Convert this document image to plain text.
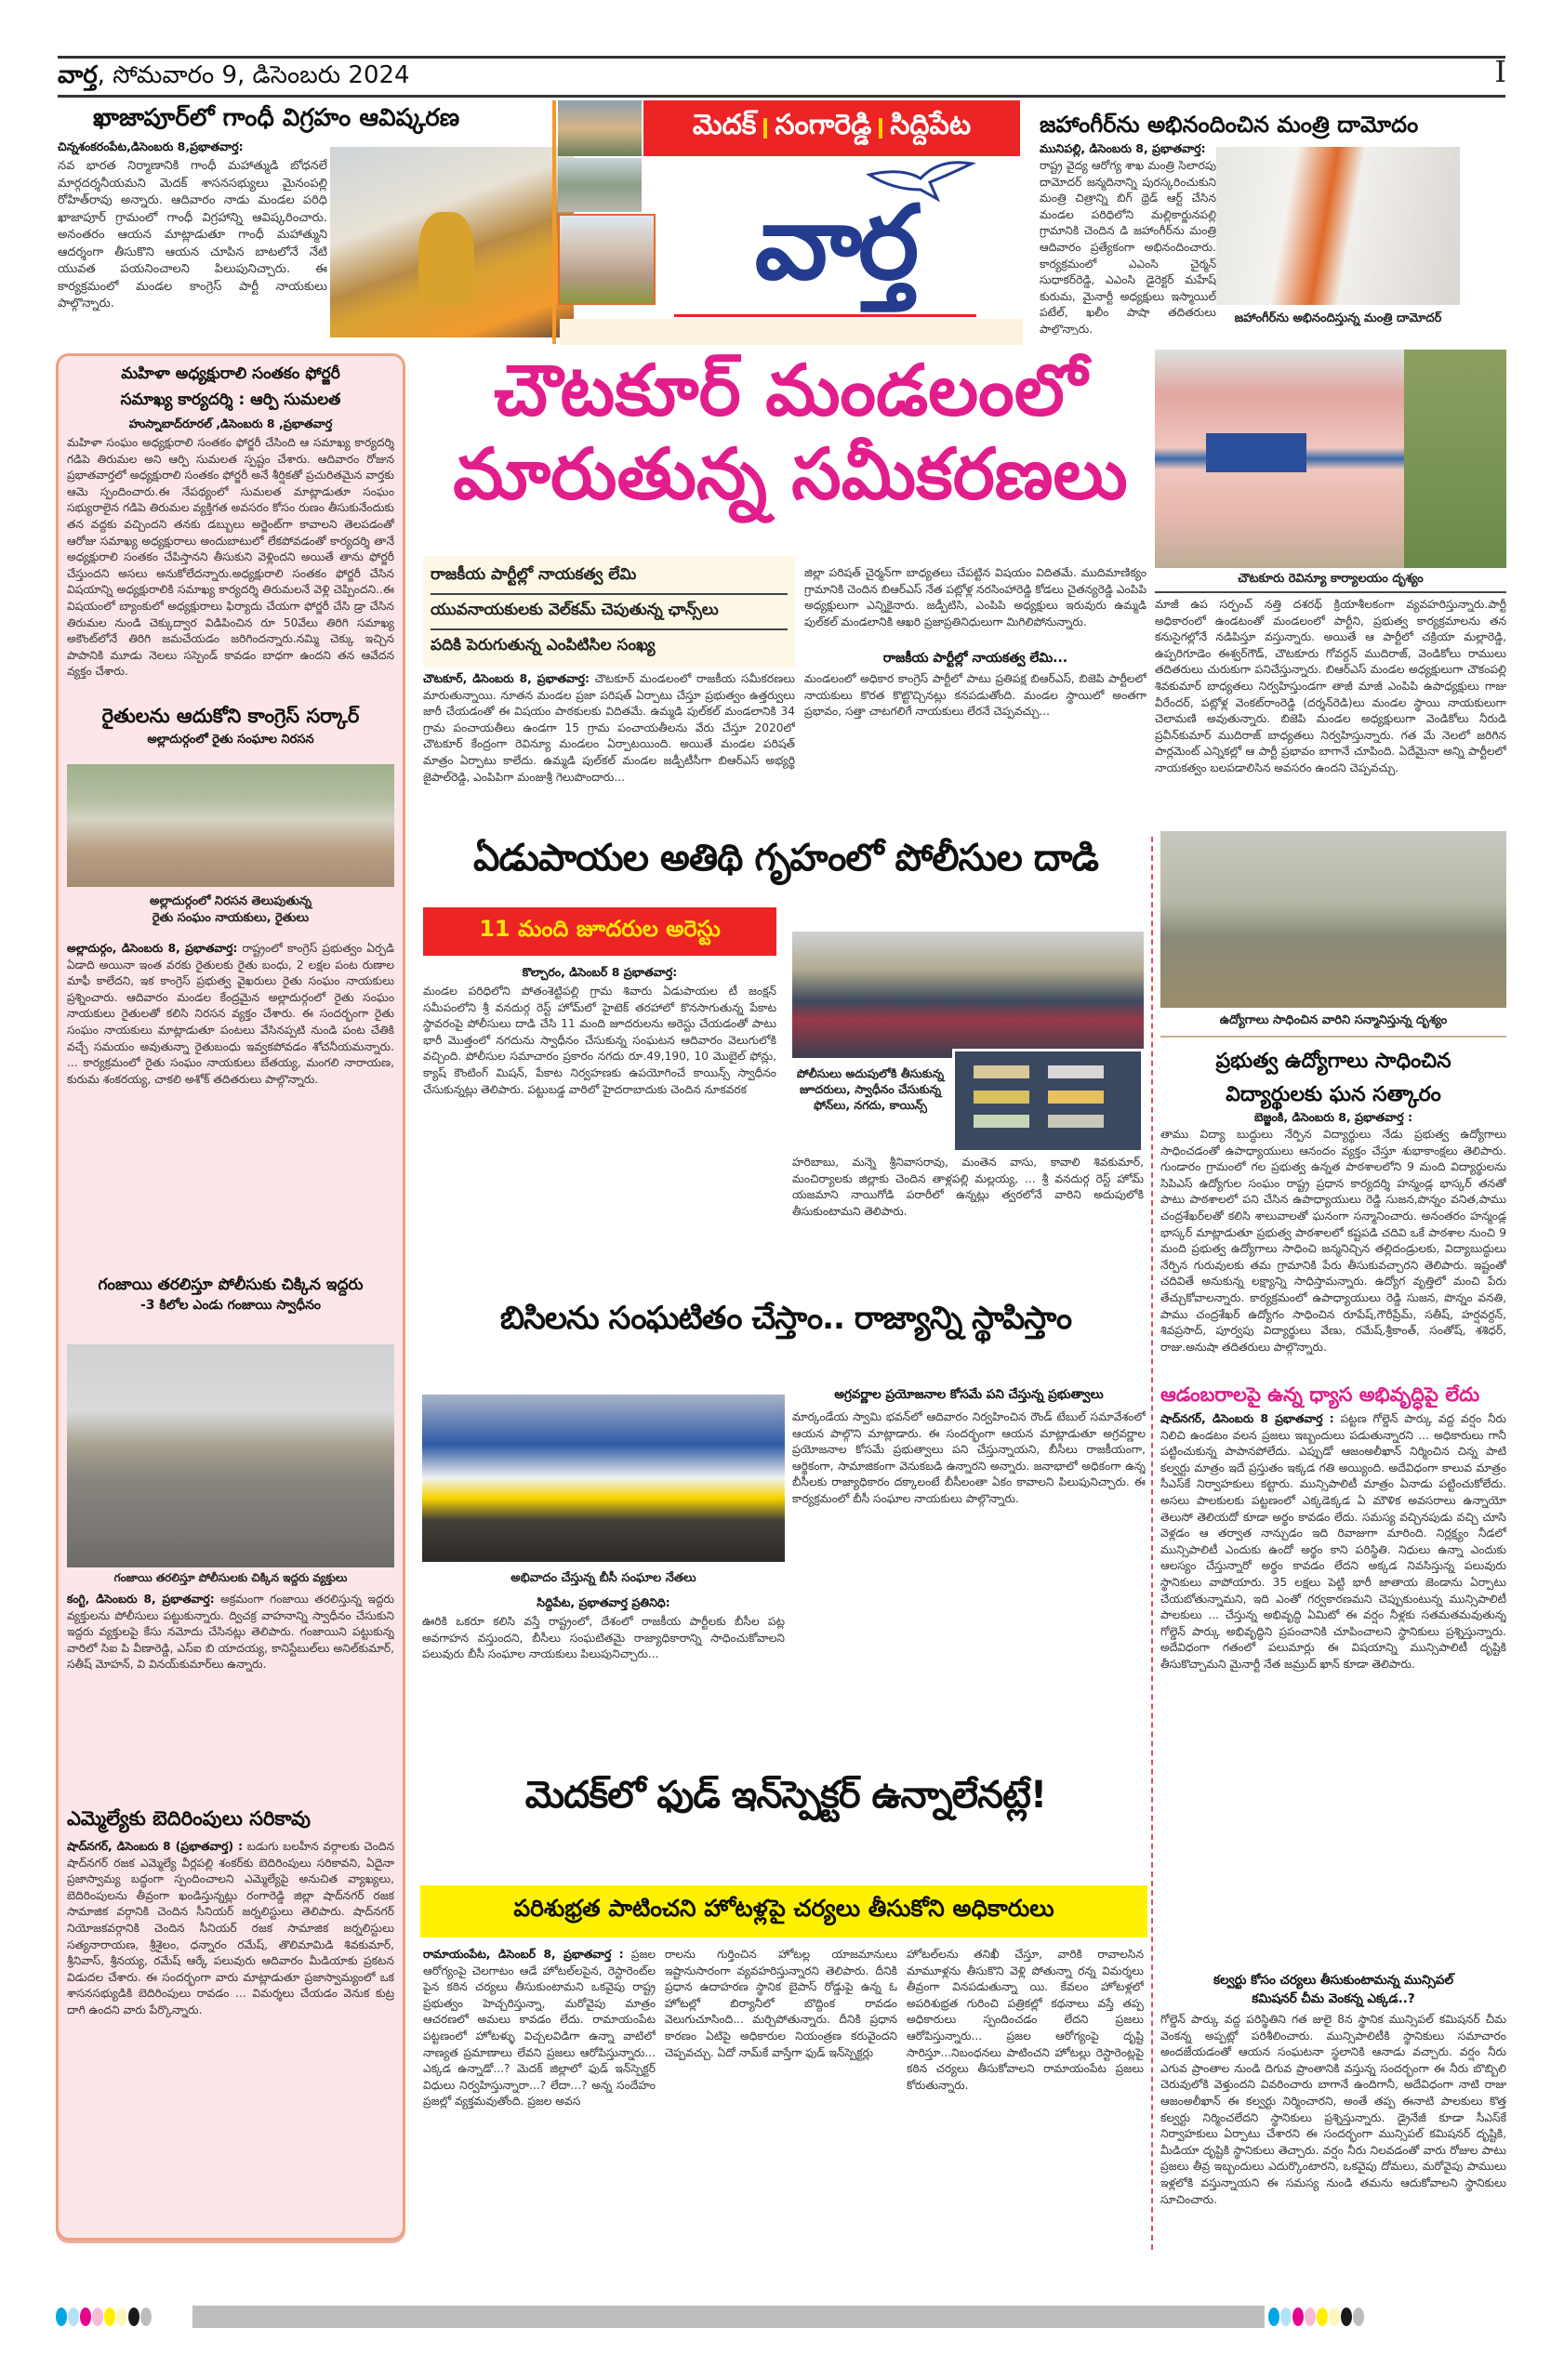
వార్త, సోమవారం 9, డిసెంబరు 2024	I
ఖాజాపూర్‌లో గాంధీ విగ్రహం ఆవిష్కరణ
చిన్నశంకరంపేట,డిసెంబరు 8,ప్రభాతవార్త:
నవ భారత నిర్మాణానికి గాంధీ మహాత్ముడి బోధనలే మార్గదర్శనీయమని మెదక్ శాసనసభ్యులు మైనంపల్లి రోహిత్‌రావు అన్నారు. ఆదివారం నాడు మండల పరిధి ఖాజాపూర్ గ్రామంలో గాంధీ విగ్రహాన్ని ఆవిష్కరించారు. అనంతరం ఆయన మాట్లాడుతూ గాంధీ మహాత్ముని ఆదర్శంగా తీసుకొని ఆయన చూపిన బాటలోనే నేటి యువత పయనించాలని పిలుపునిచ్చారు. ఈ కార్యక్రమంలో మండల కాంగ్రెస్ పార్టీ నాయకులు పాల్గొన్నారు.
మెదక్ సంగారెడ్డి సిద్దిపేట
వార్త
జహాంగీర్‌ను అభినందించిన మంత్రి దామోదం
మునిపల్లి, డిసెంబరు 8, ప్రభాతవార్త:
రాష్ట్ర వైద్య ఆరోగ్య శాఖ మంత్రి సిలారపు దామోదర్ జన్మదినాన్ని పురస్కరించుకుని మంత్రి చిత్రాన్ని బిగ్ థ్రెడ్ ఆర్ట్ చేసిన మండల పరిధిలోని మల్లికార్జునపల్లి గ్రామానికి చెందిన డి జహాంగీర్‌ను మంత్రి ఆదివారం ప్రత్యేకంగా అభినందించారు. కార్యక్రమంలో ఎఎంసి చైర్మన్ సుధాకర్‌రెడ్డి, ఎఎంసి డైరెక్టర్ మహేష్ కురుమ, మైనార్టీ అధ్యక్షులు ఇస్మాయిల్ పటేల్, ఖలీం పాషా తదితరులు పాల్గొన్నారు.
జహాంగీర్‌ను అభినందిస్తున్న మంత్రి దామోదర్
మహిళా అధ్యక్షురాలి సంతకం ఫోర్జరీ
సమాఖ్య కార్యదర్శి : ఆర్పి సుమలత
హుస్నాబాద్‌రూరల్ ,డిసెంబరు 8 ,ప్రభాతవార్త
మహిళా సంఘం అధ్యక్షురాలి సంతకం ఫోర్జరీ చేసింది ఆ సమాఖ్య కార్యదర్శి గడిపె తిరుమల అని ఆర్పి సుమలత స్పష్టం చేశారు. ఆదివారం రోజున ప్రభాతవార్తలో అధ్యక్షురాలి సంతకం ఫోర్జరీ అనే శీర్షికతో ప్రచురితమైన వార్తకు ఆమె స్పందించారు.ఈ నేపథ్యంలో సుమలత మాట్లాడుతూ సంఘం సభ్యురాలైన గడిపె తిరుమల వ్యక్తిగత అవసరం కోసం రుణం తీసుకునేందుకు తన వద్దకు వచ్చిందని తనకు డబ్బులు అర్జెంట్‌గా కావాలని తెలపడంతో ఆరోజు సమాఖ్య అధ్యక్షురాలు అందుబాటులో లేకపోవడంతో కార్యదర్శి తానే అధ్యక్షురాలి సంతకం చేపిస్తానని తీసుకుని వెళ్లిందని అయితే తాను ఫోర్జరీ చేస్తుందని అసలు అనుకోలేదన్నారు.అధ్యక్షురాలి సంతకం ఫోర్జరీ చేసిన విషయాన్ని అధ్యక్షురాలికి సమాఖ్య కార్యదర్శి తిరుమలనే వెళ్లి చెప్పిందని..ఈ విషయంలో బ్యాంకులో అధ్యక్షురాలు ఫిర్యాదు చేయగా ఫోర్జరీ చేసి డ్రా చేసిన తిరుమల నుండి చెక్కుద్వార విడిపించిన రూ 50వేలు తిరిగి సమాఖ్య అకౌంట్‌లోనే తిరిగి జమచేయడం జరిగిందన్నారు.నమ్మి చెక్కు ఇచ్చిన పాపానికి మూడు నెలలు సస్పెండ్ కావడం బాధగా ఉందని తన ఆవేదన వ్యక్తం చేశారు.
రైతులను ఆదుకోని కాంగ్రెస్ సర్కార్
అల్లాదుర్గంలో రైతు సంఘాల నిరసన
అల్లాదుర్గంలో నిరసన తెలుపుతున్న
రైతు సంఘం నాయకులు, రైతులు
అల్లాదుర్గం, డిసెంబరు 8, ప్రభాతవార్త: రాష్ట్రంలో కాంగ్రెస్ ప్రభుత్వం ఏర్పడి ఏడాది అయినా ఇంత వరకు రైతులకు రైతు బంధు, 2 లక్షల పంట రుణాల మాఫీ కాలేదని, ఇక కాంగ్రెస్ ప్రభుత్వ వైఖరులు రైతు సంఘం నాయకులు ప్రశ్నించారు. ఆదివారం మండల కేంద్రమైన అల్లాదుర్గంలో రైతు సంఘం నాయకులు రైతులతో కలిసి నిరసన వ్యక్తం చేశారు. ఈ సందర్భంగా రైతు సంఘం నాయకులు మాట్లాడుతూ పంటలు వేసినప్పటి నుండి పంట చేతికి వచ్చే సమయం అవుతున్నా రైతుబంధు ఇవ్వకపోవడం శోచనీయమన్నారు. ... కార్యక్రమంలో రైతు సంఘం నాయకులు బేతయ్య, మంగలి నారాయణ, కురుమ శంకరయ్య, చాకలి అశోక్ తదితరులు పాల్గొన్నారు.
గంజాయి తరలిస్తూ పోలీసుకు చిక్కిన ఇద్దరు
-3 కిలోల ఎండు గంజాయి స్వాధీనం
గంజాయి తరలిస్తూ పోలీసులకు చిక్కిన ఇద్దరు వ్యక్తులు
కంగ్టి, డిసెంబరు 8, ప్రభాతవార్త: అక్రమంగా గంజాయి తరలిస్తున్న ఇద్దరు వ్యక్తులను పోలీసులు పట్టుకున్నారు. ద్విచక్ర వాహనాన్ని స్వాధీనం చేసుకుని ఇద్దరు వ్యక్తులపై కేసు నమోదు చేసినట్లు తెలిపారు. గంజాయిని పట్టుకున్న వారిలో సిఐ పి వీణారెడ్డి, ఎస్ఐ బి యాదయ్య, కానిస్టేబుల్‌లు అనిల్‌కుమార్, సతీష్ మోహన్, వి వినయ్‌కుమార్‌లు ఉన్నారు.
ఎమ్మెల్యేకు బెదిరింపులు సరికావు
షాద్‌నగర్, డిసెంబరు 8 (ప్రభాతవార్త) : బడుగు బలహీన వర్గాలకు చెందిన షాద్‌నగర్ రజక ఎమ్మెల్యే వీర్లపల్లి శంకర్‌కు బెదిరింపులు సరికావని, ఏదైనా ప్రజాస్వామ్య బద్ధంగా స్పందించాలని ఎమ్మెల్యేపై అనుచిత వ్యాఖ్యలు, బెదిరింపులను తీవ్రంగా ఖండిస్తున్నట్లు రంగారెడ్డి జిల్లా షాద్‌నగర్ రజక సామాజిక వర్గానికి చెందిన సీనియర్ జర్నలిస్టులు తెలిపారు. షాద్‌నగర్ నియోజకవర్గానికి చెందిన సీనియర్ రజక సామాజిక జర్నలిస్టులు సత్యనారాయణ, శ్రీశైలం, ధన్నారం రమేష్, తొలిమామిడి శివకుమార్, శ్రీనివాస్, శ్రీనయ్య, రమేష్ ఆర్కే పలువురు ఆదివారం మీడియాకు ప్రకటన విడుదల చేశారు. ఈ సందర్భంగా వారు మాట్లాడుతూ ప్రజాస్వామ్యంలో ఒక శాసనసభ్యుడికి బెదిరింపులు రావడం ... విమర్శలు చేయడం వెనుక కుట్ర దాగి ఉందని వారు పేర్కొన్నారు.
చౌటకూర్ మండలంలో
మారుతున్న సమీకరణలు
రాజకీయ పార్టీల్లో నాయకత్వ లేమి
యువనాయకులకు వెల్‌కమ్ చెపుతున్న ఛాన్స్‌లు
పదికి పెరుగుతున్న ఎంపిటిసిల సంఖ్య
చౌటకూర్, డిసెంబరు 8, ప్రభాతవార్త: చౌటకూర్ మండలంలో రాజకీయ సమీకరణలు మారుతున్నాయి. నూతన మండల ప్రజా పరిషత్ ఏర్పాటు చేస్తూ ప్రభుత్వం ఉత్తర్వులు జారీ చేయడంతో ఈ విషయం పాఠకులకు విదితమే. ఉమ్మడి పుల్‌కల్ మండలానికి 34 గ్రామ పంచాయతీలు ఉండగా 15 గ్రామ పంచాయతీలను వేరు చేస్తూ 2020లో చౌటకూర్ కేంద్రంగా రెవిన్యూ మండలం ఏర్పాటయింది. అయితే మండల పరిషత్ మాత్రం ఏర్పాటు కాలేదు. ఉమ్మడి పుల్‌కల్ మండల జడ్పీటీసీగా బిఆర్ఎస్ అభ్యర్థి జైపాల్‌రెడ్డి, ఎంపిపిగా మంజుశ్రీ గెలుపొందారు...
జిల్లా పరిషత్ చైర్మన్‌గా బాధ్యతలు చేపట్టిన విషయం విదితమే. ముదిమాణిక్యం గ్రామానికి చెందిన బిఆర్ఎస్ నేత పట్లోళ్ల నరసింహారెడ్డి కోడలు చైతన్యరెడ్డి ఎంపిపి అధ్యక్షులుగా ఎన్నికైనారు. జడ్పీటిసి, ఎంపిపి అధ్యక్షులు ఇరువురు ఉమ్మడి పుల్‌కల్ మండలానికి ఆఖరి ప్రజాప్రతినిధులుగా మిగిలిపోనున్నారు.
రాజకీయ పార్టీల్లో నాయకత్వ లేమి...
మండలంలో అధికార కాంగ్రెస్ పార్టీలో పాటు ప్రతిపక్ష బిఆర్ఎస్, బిజెపి పార్టీలలో నాయకులు కొరత కొట్టొచ్చినట్లు కనపడుతోంది. మండల స్థాయిలో అంతగా ప్రభావం, సత్తా చాటగలిగే నాయకులు లేరనే చెప్పవచ్చు...
చౌటకూరు రెవిన్యూ కార్యాలయం దృశ్యం
మాజీ ఉప సర్పంచ్ నత్తి దశరథ్ క్రియాశీలకంగా వ్యవహరిస్తున్నారు.పార్టీ అధికారంలో ఉండటంతో మండలంలో పార్టీని, ప్రభుత్వ కార్యక్రమాలను తన కనుసైగల్లోనే నడిపిస్తూ వస్తున్నారు. అయితే ఆ పార్టీలో చక్రియా మల్లారెడ్డి, ఉప్పరిగూడెం ఈశ్వర్‌గౌడ్, చౌటకూరు గోవర్దన్ ముదిరాజ్, వెండికోలు రాములు తదితరులు చురుకుగా పనిచేస్తున్నారు. బిఆర్ఎస్ మండల అధ్యక్షులుగా చౌకంపల్లి శివకుమార్ బాధ్యతలు నిర్వహిస్తుండగా తాజీ మాజీ ఎంపిపి ఉపాధ్యక్షులు గాజు వీరేందర్, పట్లోళ్ల వెంకట్‌రాంరెడ్డి (దర్శన్‌రెడి)లు మండల స్థాయి నాయకులుగా చెలామణి అవుతున్నారు. బిజెపి మండల అధ్యక్షులుగా వెండికోలు నీరుడి ప్రవీన్‌కుమార్ ముదిరాజ్ బాధ్యతలు నిర్వహిస్తున్నారు. గత మే నెలలో జరిగిన పార్లమెంట్ ఎన్నికల్లో ఆ పార్టీ ప్రభావం బాగానే చూపింది. ఏదేమైనా అన్ని పార్టీలలో నాయకత్వం బలపడాలిసిన అవసరం ఉందని చెప్పవచ్చు.
ఉద్యోగాలు సాధించిన వారిని సన్మానిస్తున్న దృశ్యం
ప్రభుత్వ ఉద్యోగాలు సాధించిన
విద్యార్థులకు ఘన సత్కారం
బెజ్జంకి, డిసెంబరు 8, ప్రభాతవార్త :
తాము విద్యా బుద్ధులు నేర్పిన విద్యార్థులు నేడు ప్రభుత్వ ఉద్యోగాలు సాధించడంతో ఉపాధ్యాయులు ఆనందం వ్యక్తం చేస్తూ శుభాకాంక్షలు తెలిపారు. గుండారం గ్రామంలో గల ప్రభుత్వ ఉన్నత పాఠశాలలోని 9 మంది విద్యార్థులను సిపిఎస్ ఉద్యోగుల సంఘం రాష్ట్ర ప్రధాన కార్యదర్శి హన్మండ్ల భాస్కర్ తనతో పాటు పాఠశాలలో పని చేసిన ఉపాధ్యాయులు రెడ్డి సుజన,పొన్నం వనిత,పాము చంద్రశేఖర్‌లతో కలిసి శాలువాలతో ఘనంగా సన్మానించారు. అనంతరం హన్మండ్ల భాస్కర్ మాట్లాడుతూ ప్రభుత్వ పాఠశాలలో కష్టపడి చదివి ఒకే పాఠశాల నుంచి 9 మంది ప్రభుత్వ ఉద్యోగాలు సాధించి జన్మనిచ్చిన తల్లిదండ్రులకు, విద్యాబుద్ధులు నేర్పిన గురువులకు తమ గ్రామానికి పేరు తీసుకువచ్చారని తెలిపారు. ఇష్టంతో చదివితే అనుకున్న లక్ష్యాన్ని సాధిస్తామన్నారు. ఉద్యోగ వృత్తిలో మంచి పేరు తేచ్చుకోవాలన్నారు. కార్యక్రమంలో ఉపాధ్యాయులు రెడ్డి సుజన, పొన్నం వనతి, పాము చంద్రశేఖర్ ఉద్యోగం సాధించిన రూపేష్,గౌరీప్రేమ్, సతీష్, హర్షవర్దన్, శివప్రసాద్, పూర్వపు విద్యార్థులు వేణు, రమేష్,శ్రీకాంత్, సంతోష్, శశిధర్, రాజు.అనుషా తదితరులు పాల్గొన్నారు.
ఆడంబరాలపై ఉన్న ధ్యాస అభివృద్ధిపై లేదు
షాద్‌నగర్, డిసెంబరు 8 ప్రభాతవార్త : పట్టణ గోల్డెన్ పార్కు వద్ద వర్షం నీరు నిలిచి ఉండటం వలన ప్రజలు ఇబ్బందులు పడుతున్నారని ... అధికారులు గానీ పట్టించుకున్న పాపానపోలేదు. ఎప్పుడో ఆజంఅలీఖాన్ నిర్మించిన చిన్న పాటి కల్వర్టు మాత్రం ఇదే ప్రస్తుతం ఇక్కడ గతి అయ్యింది. అదేవిధంగా కాలువ మాత్రం సీఎస్‌కే నిర్వాహకులు కట్టారు. మున్సిపాలిటీ మాత్రం ఏనాడు పట్టించుకోలేదు. అసలు పాలకులకు పట్టణంలో ఎక్కడెక్కడ ఏ మౌళిక అవసరాలు ఉన్నాయో తెలుసో తెలియదో కూడా అర్థం కావడం లేదు. సమస్య వచ్చినపుడు వచ్చి చూసి వెళ్లడం ఆ తర్వాత నాన్చుడం ఇది రివాజుగా మారింది. నిర్లక్ష్యం నీడలో మున్సిపాలిటీ ఎందుకు ఉందో అర్థం కాని పరిస్థితి. నిధులు ఉన్నా ఎందుకు ఆలస్యం చేస్తున్నారో అర్థం కావడం లేదని అక్కడ నివసిస్తున్న పలువురు స్థానికులు వాపోయారు. 35 లక్షలు పెట్టి భారీ జాతాయ జెండాను ఏర్పాటు చేయబోతున్నామని, ఇది ఎంతో గర్వకారణమని చెప్పుకుంటున్న మున్సిపాలిటీ పాలకులు ... చేస్తున్న అభివృద్ధి ఏమిటో ఈ వర్షం నీళ్లకు సతమతమవుతున్న గోల్డెన్ పార్కు అభివృద్ధిని ప్రపంచానికి చూపించాలని స్థానికులు ప్రశ్నిస్తున్నారు. అదేవిధంగా గతంలో పలుమార్లు ఈ విషయాన్ని మున్సిపాలిటీ దృష్టికి తీసుకొచ్చామని మైనార్టీ నేత జమ్రుద్ ఖాన్ కూడా తెలిపారు.
కల్వర్టు కోసం చర్యలు తీసుకుంటామన్న మున్సిపల్
కమిషనర్ చీమ వెంకన్న ఎక్కడ..?
గోల్డెన్ పార్కు వద్ద పరిస్థితిని గత జులై 8న స్థానిక మున్సిపల్ కమిషనర్ చీమ వెంకన్న అప్పట్లో పరిశీలించారు. మున్సిపాలిటీకి స్థానికులు సమాచారం అందజేయడంతో ఆయన సంఘటనా స్థలానికి ఆనాడు వచ్చారు. వర్షం నీరు ఎగువ ప్రాంతాల నుండి దిగువ ప్రాంతానికి వస్తున్న సందర్భంగా ఈ నీరు బొబ్బిలి చెరువులోకి వెళ్తుందని వివరించారు బాగానే ఉందిగానీ, అదేవిధంగా నాటి రాజు ఆజంఅలీఖాన్ ఈ కల్వర్టు నిర్మించారని, అంతే తప్ప ఈనాటి పాలకులు కొత్త కల్వర్టు నిర్మించలేదని స్థానికులు ప్రశ్నిస్తున్నారు. డ్రైనేజీ కూడా సీఎస్‌కే నిర్వాహకులు ఏర్పాటు చేశారని ఈ సందర్భంగా మున్సిపల్ కమిషనర్ దృష్టికి, మీడియా దృష్టికి స్థానికులు తెచ్చారు. వర్షం నీరు నిలవడంతో వారు రోజుల పాటు ప్రజలు తీవ్ర ఇబ్బందులు ఎదుర్కొంటారని, ఒకవైపు దోమలు, మరోవైపు పాములు ఇళ్లలోకి వస్తున్నాయని ఈ సమస్య నుండి తమను ఆదుకోవాలని స్థానికులు సూచించారు.
ఏడుపాయల అతిథి గృహంలో పోలీసుల దాడి
11 మంది జూదరుల అరెస్టు
కొల్చారం, డిసెంబర్ 8 ప్రభాతవార్త:
మండల పరిధిలోని పోతంశెట్టిపల్లి గ్రామ శివారు ఏడుపాయల టీ జంక్షన్ సమీపంలోని శ్రీ వనదుర్గ రెస్ట్ హోమ్‌లో హైటెక్ తరహాలో కొనసాగుతున్న పేకాట స్థావరంపై పోలీసులు దాడి చేసి 11 మంది జూదరులను అరెస్టు చేయడంతో పాటు భారీ మొత్తంలో నగదును స్వాధీనం చేసుకున్న సంఘటన ఆదివారం వెలుగులోకి వచ్చింది. పోలీసుల సమాచారం ప్రకారం నగదు రూ.49,190, 10 మొబైల్ ఫోన్లు, క్యాష్ కౌంటింగ్ మిషన్, పేకాట నిర్వహణకు ఉపయోగించే కాయిన్స్ స్వాధీనం చేసుకున్నట్లు తెలిపారు. పట్టుబడ్డ వారిలో హైదరాబాదుకు చెందిన నూకవరక
పోలీసులు అదుపులోకి తీసుకున్న జూదరులు, స్వాధీనం చేసుకున్న ఫోన్‌లు, నగదు, కాయిన్స్
హరిబాబు, మన్నె శ్రీనివాసరావు, మంతెన వాసు, కావాలి శివకుమార్, మంచిర్యాలకు జిల్లాకు చెందిన తాళ్లపల్లి మల్లయ్య, ... శ్రీ వనదుర్గ రెస్ట్ హోమ్ యజమాని నాయిగోడి పరారీలో ఉన్నట్లు త్వరలోనే వారిని అదుపులోకి తీసుకుంటామని తెలిపారు.
బిసిలను సంఘటితం చేస్తాం.. రాజ్యాన్ని స్థాపిస్తాం
అభివాదం చేస్తున్న బీసీ సంఘాల నేతలు
సిద్దిపేట, ప్రభాతవార్త ప్రతినిధి:
ఊరికి ఒకరూ కలిసి వస్తే రాష్ట్రంలో, దేశంలో రాజకీయ పార్టీలకు బీసీల పట్ల అవగాహన వస్తుందని, బీసీలు సంఘటితమై రాజ్యాధికారాన్ని సాధించుకోవాలని పలువురు బీసీ సంఘాల నాయకులు పిలుపునిచ్చారు...
అగ్రవర్ణాల ప్రయోజనాల కోసమే పని చేస్తున్న ప్రభుత్వాలు
మార్కండేయ స్వామి భవన్‌లో ఆదివారం నిర్వహించిన రౌండ్ టేబుల్ సమావేశంలో ఆయన పాల్గొని మాట్లాడారు. ఈ సందర్భంగా ఆయన మాట్లాడుతూ అగ్రవర్ణాల ప్రయోజనాల కోసమే ప్రభుత్వాలు పని చేస్తున్నాయని, బీసీలు రాజకీయంగా, ఆర్థికంగా, సామాజికంగా వెనుకబడి ఉన్నారని అన్నారు. జనాభాలో అధికంగా ఉన్న బీసీలకు రాజ్యాధికారం దక్కాలంటే బీసీలంతా ఏకం కావాలని పిలుపునిచ్చారు. ఈ కార్యక్రమంలో బీసీ సంఘాల నాయకులు పాల్గొన్నారు.
మెదక్‌లో ఫుడ్ ఇన్‌స్పెక్టర్ ఉన్నాలేనట్లే!
పరిశుభ్రత పాటించని హోటళ్లపై చర్యలు తీసుకోని అధికారులు
రామాయంపేట, డిసెంబర్ 8, ప్రభాతవార్త : ప్రజల ఆరోగ్యంపై చెలగాటం ఆడే హోటల్‌లపైన, రెస్టారెంట్‌ల పైన కఠిన చర్యలు తీసుకుంటామని ఒకవైపు రాష్ట్ర ప్రభుత్వం హెచ్చరిస్తున్నా, మరోవైపు మాత్రం ఆచరణలో అమలు కావడం లేదు. రామాయంపేట పట్టణంలో హోటళ్ళు విచ్చలవిడిగా ఉన్నా వాటిలో నాణ్యత ప్రమాణాలు లేవని ప్రజలు ఆరోపిస్తున్నారు... ఎక్కడ ఉన్నాడో...? మెదక్ జిల్లాలో ఫుడ్ ఇన్‌స్పెక్టర్ విధులు నిర్వహిస్తున్నారా...? లేదా...? అన్న సందేహం ప్రజల్లో వ్యక్తమవుతోంది. ప్రజల అవస
రాలను గుర్తించిన హోటల్ల యాజమానులు ఇష్టానుసారంగా వ్యవహరిస్తున్నారని తెలిపారు. దీనికి ప్రధాన ఉదాహరణ స్థానిక బైపాస్ రోడ్డుపై ఉన్న ఓ హోటల్లో బిర్యానీలో బొద్దింక రావడం వెలుగుచూసింది... మర్చిపోతున్నారు. దీనికి ప్రధాన కారణం ఏటిపై అధికారుల నియంత్రణ కరువైందని చెప్పవచ్చు. ఏదో నామ్‌కే వాస్తేగా ఫుడ్ ఇన్‌స్పెక్టర్లు
హోటల్‌లను తనిఖీ చేస్తూ, వారికి రావాలసిన మామూళ్లను తీసుకొని వెళ్లి పోతున్నా రన్న విమర్శలు తీవ్రంగా వినపడుతున్నా యి. కేవలం హోటళ్లలో అపరిశుభ్రత గురించి పత్రికల్లో కథనాలు వస్తే తప్ప అధికారులు స్పందించడం లేదని ప్రజలు ఆరోపిస్తున్నారు... ప్రజల ఆరోగ్యంపై దృష్టి సారిస్తూ...నిబంధనలు పాటించని హోటల్లు రెస్టారెంట్లపై కఠిన చర్యలు తీసుకోవాలని రామాయంపేట ప్రజలు కోరుతున్నారు.
